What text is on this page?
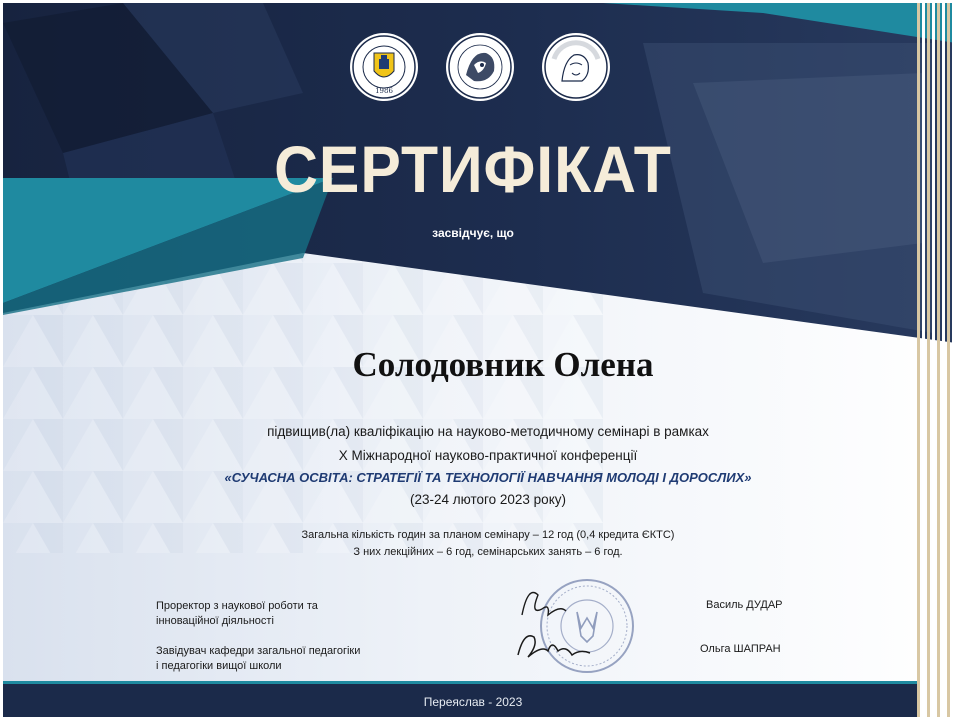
1986
СЕРТИФІКАТ
засвідчує, що
Солодовник Олена
підвищив(ла) кваліфікацію на науково-методичному семінарі в рамках
Х Міжнародної науково-практичної конференції
«СУЧАСНА ОСВІТА: СТРАТЕГІЇ ТА ТЕХНОЛОГІЇ НАВЧАННЯ МОЛОДІ І ДОРОСЛИХ»
(23-24 лютого 2023 року)
Загальна кількість годин за планом семінару – 12 год (0,4 кредита ЄКТС)
З них лекційних – 6 год, семінарських занять – 6 год.
Проректор з наукової роботи та
інноваційної діяльності
Завідувач кафедри загальної педагогіки
і педагогіки вищої школи
Василь ДУДАР
Ольга ШАПРАН
Переяслав - 2023
